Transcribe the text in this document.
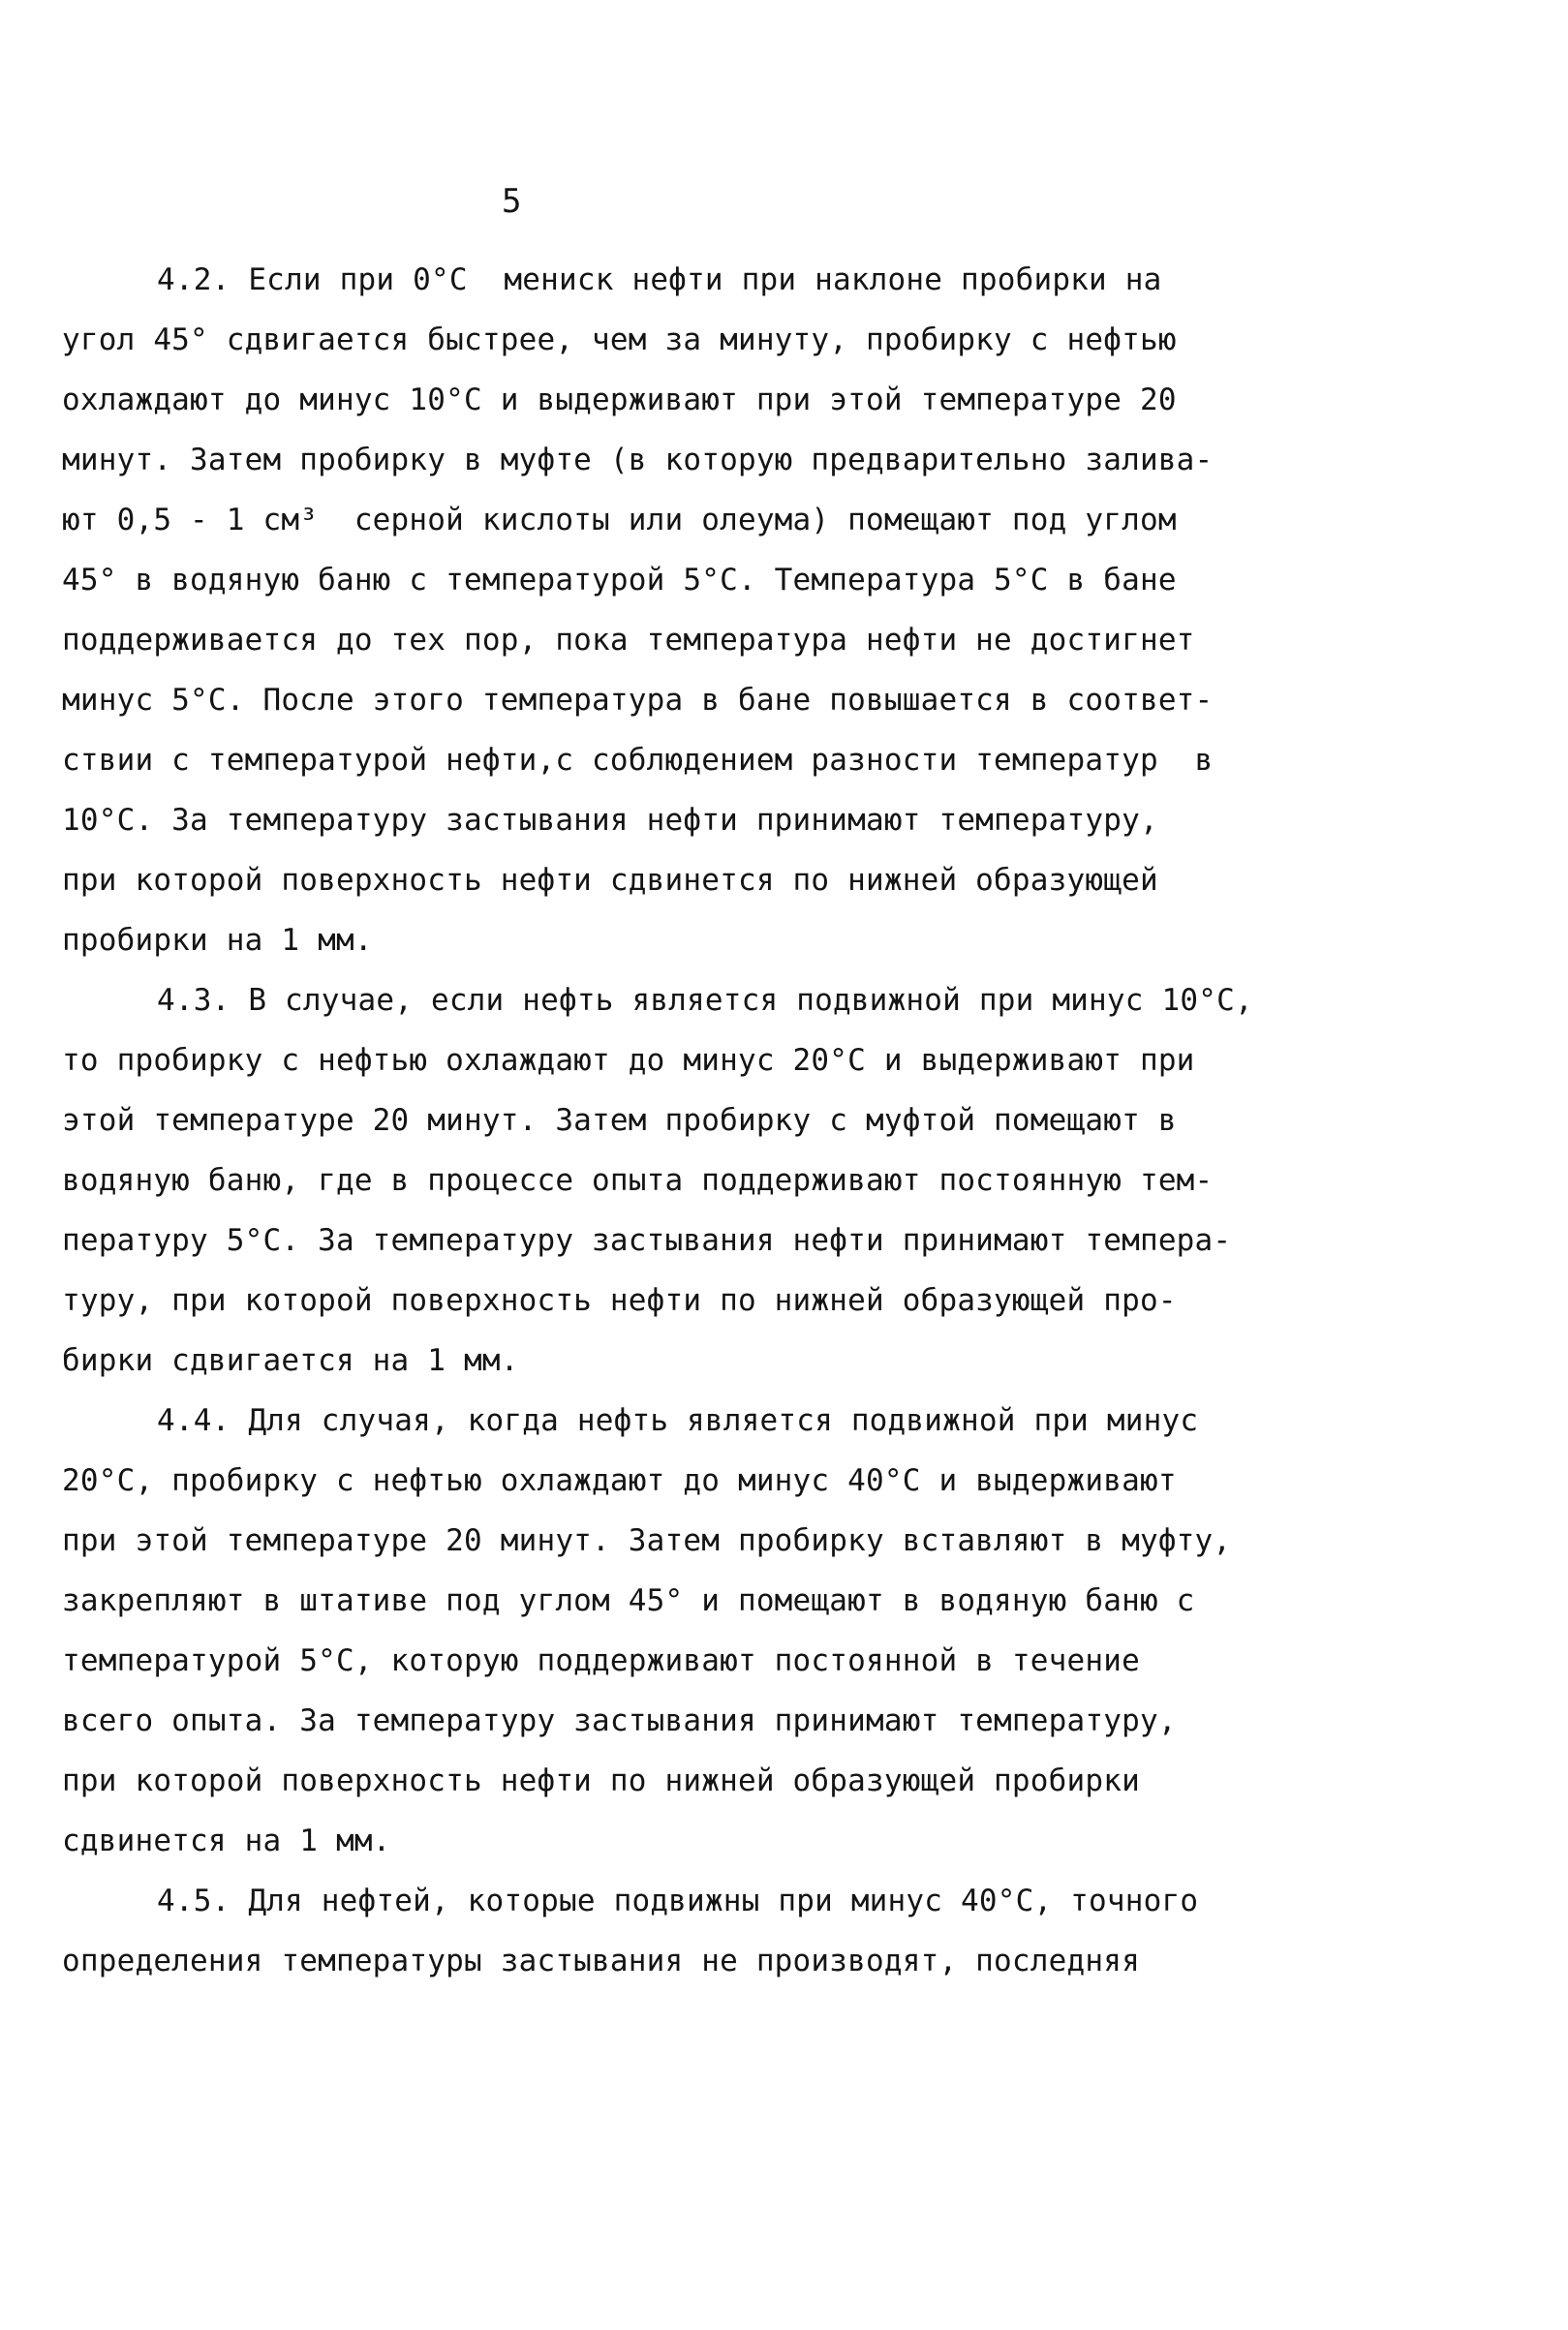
5
4.2. Если при 0°C  мениск нефти при наклоне пробирки на
угол 45° сдвигается быстрее, чем за минуту, пробирку с нефтью
охлаждают до минус 10°C и выдерживают при этой температуре 20
минут. Затем пробирку в муфте (в которую предварительно залива-
ют 0,5 - 1 см³  серной кислоты или олеума) помещают под углом
45° в водяную баню с температурой 5°C. Температура 5°C в бане
поддерживается до тех пор, пока температура нефти не достигнет
минус 5°C. После этого температура в бане повышается в соответ-
ствии с температурой нефти,с соблюдением разности температур  в
10°C. За температуру застывания нефти принимают температуру,
при которой поверхность нефти сдвинется по нижней образующей
пробирки на 1 мм.
4.3. В случае, если нефть является подвижной при минус 10°C,
то пробирку с нефтью охлаждают до минус 20°C и выдерживают при
этой температуре 20 минут. Затем пробирку с муфтой помещают в
водяную баню, где в процессе опыта поддерживают постоянную тем-
пературу 5°C. За температуру застывания нефти принимают темпера-
туру, при которой поверхность нефти по нижней образующей про-
бирки сдвигается на 1 мм.
4.4. Для случая, когда нефть является подвижной при минус
20°C, пробирку с нефтью охлаждают до минус 40°C и выдерживают
при этой температуре 20 минут. Затем пробирку вставляют в муфту,
закрепляют в штативе под углом 45° и помещают в водяную баню с
температурой 5°C, которую поддерживают постоянной в течение
всего опыта. За температуру застывания принимают температуру,
при которой поверхность нефти по нижней образующей пробирки
сдвинется на 1 мм.
4.5. Для нефтей, которые подвижны при минус 40°C, точного
определения температуры застывания не производят, последняя
